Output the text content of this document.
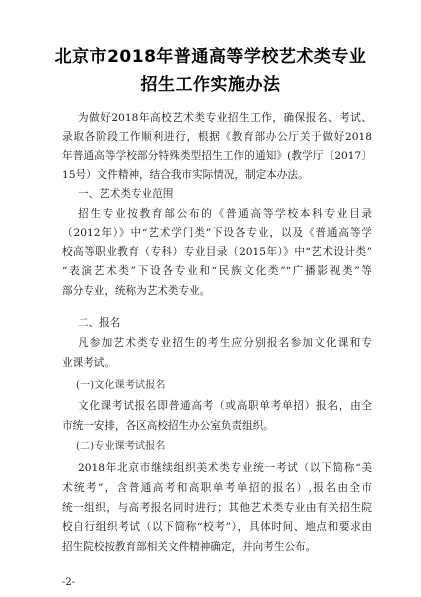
北京市2018年普通高等学校艺术类专业
招生工作实施办法
为做好2018年高校艺术类专业招生工作，确保报名、考试、
录取各阶段工作顺利进行，根据《教育部办公厅关于做好2018
年普通高等学校部分特殊类型招生工作的通知》(教学厅〔2017〕
15号）文件精神，结合我市实际情况，制定本办法。
一、艺术类专业范围
招生专业按教育部公布的《普通高等学校本科专业目录
（2012年）》中“艺术学门类”下设各专业，以及《普通高等学
校高等职业教育（专科）专业目录（2015年）》中“艺术设计类”
“表演艺术类”下设各专业和“民族文化类”“广播影视类”等
部分专业，统称为艺术类专业。
二、报名
凡参加艺术类专业招生的考生应分别报名参加文化课和专
业课考试。
(一)文化课考试报名
文化课考试报名即普通高考（或高职单考单招）报名，由全
市统一安排，各区高校招生办公室负责组织。
(二)专业课考试报名
2018年北京市继续组织美术类专业统一考试（以下简称“美
术统考”，含普通高考和高职单考单招的报名）,报名由全市
统一组织，与高考报名同时进行；其他艺术类专业由有关招生院
校自行组织考试（以下简称“校考”），具体时间、地点和要求由
招生院校按教育部相关文件精神确定，并向考生公布。
-2-
